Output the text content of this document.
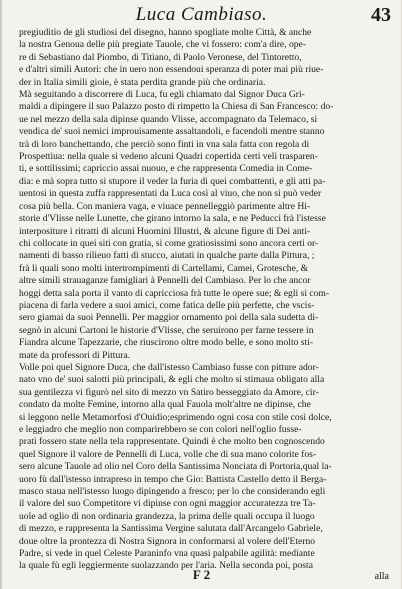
Luca Cambiaso.	43
pregiuditio de gli studiosi del disegno, hanno spogliate molte Città, & anche
la nostra Genoua delle più pregiate Tauole, che vi fossero: com'a dire, ope-
re di Sebastiano dal Piombo, di Titiano, di Paolo Veronese, del Tintoretto,
e d'altri simili Autori: che in uero non essendoui speranza di poter mai più riue-
der in Italia simili gioie, è stata perdita grande più che ordinaria.
Mà seguitando a discorrere di Luca, fu egli chiamato dal Signor Duca Gri-
maldi a dipingere il suo Palazzo posto di rimpetto la Chiesa di San Francesco: do-
ue nel mezzo della sala dipinse quando Vlisse, accompagnato da Telemaco, si
vendica de' suoi nemici improuisamente assaltandoli, e facendoli mentre stanno
trà di loro banchettando, che perciò sono finti in vna sala fatta con regola di
Prospettiua: nella quale si vedeno alcuni Quadri copertida certi veli trasparen-
ti, e sottilissimi; capriccio assai nuouo, e che rappresenta Comedia in Come-
dia: e mà sopra tutto si stupore il veder la furia di quei combattenti, e gli atti pa-
uentosi in questa zuffa rappresentati da Luca così al viuo, che non si può veder
cosa più bella. Con maniera vaga, e viuace pennelleggiò parimente altre Hi-
storie d'Vlisse nelle Lunette, che girano intorno la sala, e ne Peducci frà l'istesse
interpositure i ritratti di alcuni Huomini Illustri, & alcune figure di Dei anti-
chi collocate in quei siti con gratia, sì come gratiosissimi sono ancora certi or-
namenti di basso rilieuo fatti di stucco, aiutati in qualche parte dalla Pittura, ;
frà li quali sono molti intertrompimenti di Cartellami, Camei, Grotesche, &
altre simili strauaganze famigliari à Pennelli del Cambiaso. Per lo che ancor
hoggi detta sala porta il vanto di capricciosa frà tutte le opere sue; & egli si com-
piacena di farla vedere a suoi amici, come fatica delle più perfette, che vscis-
sero giamai da suoi Pennelli. Per maggior ornamento poi della sala sudetta di-
segnò in alcuni Cartoni le historie d'Vlisse, che seruirono per farne tessere in
Fiandra alcune Tapezzarie, che riuscirono oltre modo belle, e sono molto sti-
mate da professori di Pittura.
Volle poi quel Signore Duca, che dall'istesso Cambiaso fusse con pitture ador-
nato vno de' suoi salotti più principali, & egli che molto si stimaua obligato alla
sua gentilezza vi figurò nel sito di mezzo vn Satiro besseggiato da Amore, cir-
condato da molte Femine, intorno alla qual Fauola molt'altre ne dipinse, che
si leggono nelle Metamorfosi d'Ouidio;esprimendo ogni cosa con stile così dolce,
e leggiadro che meglio non comparirebbero se con colori nell'oglio fusse-
prati fossero state nella tela rappresentate. Quindi è che molto ben cognoscendo
quel Signore il valore de Pennelli di Luca, volle che di sua mano colorite fos-
sero alcune Tauole ad olio nel Coro della Santissima Nonciata di Portoria,qual la-
uoro fù dall'istesso intrapreso in tempo che Gio: Battista Castello detto il Berga-
masco staua nell'istesso luogo dipingendo a fresco; per lo che considerando egli
il valore del suo Competitore vi dipinse con ogni maggior accuratezza tre Ta-
uole ad oglio di non ordinaria grandezza, la prima delle quali occupa il luogo
di mezzo, e rappresenta la Santissima Vergine salutata dall'Arcangelo Gabriele,
doue oltre la prontezza di Nostra Signora in conformarsi al volere dell'Eterno
Padre, si vede in quel Celeste Paraninfo vna quasi palpabile agilità: mediante
la quale fù egli leggiermente suolazzando per l'aria. Nella seconda poi, posta
F 2	alla
